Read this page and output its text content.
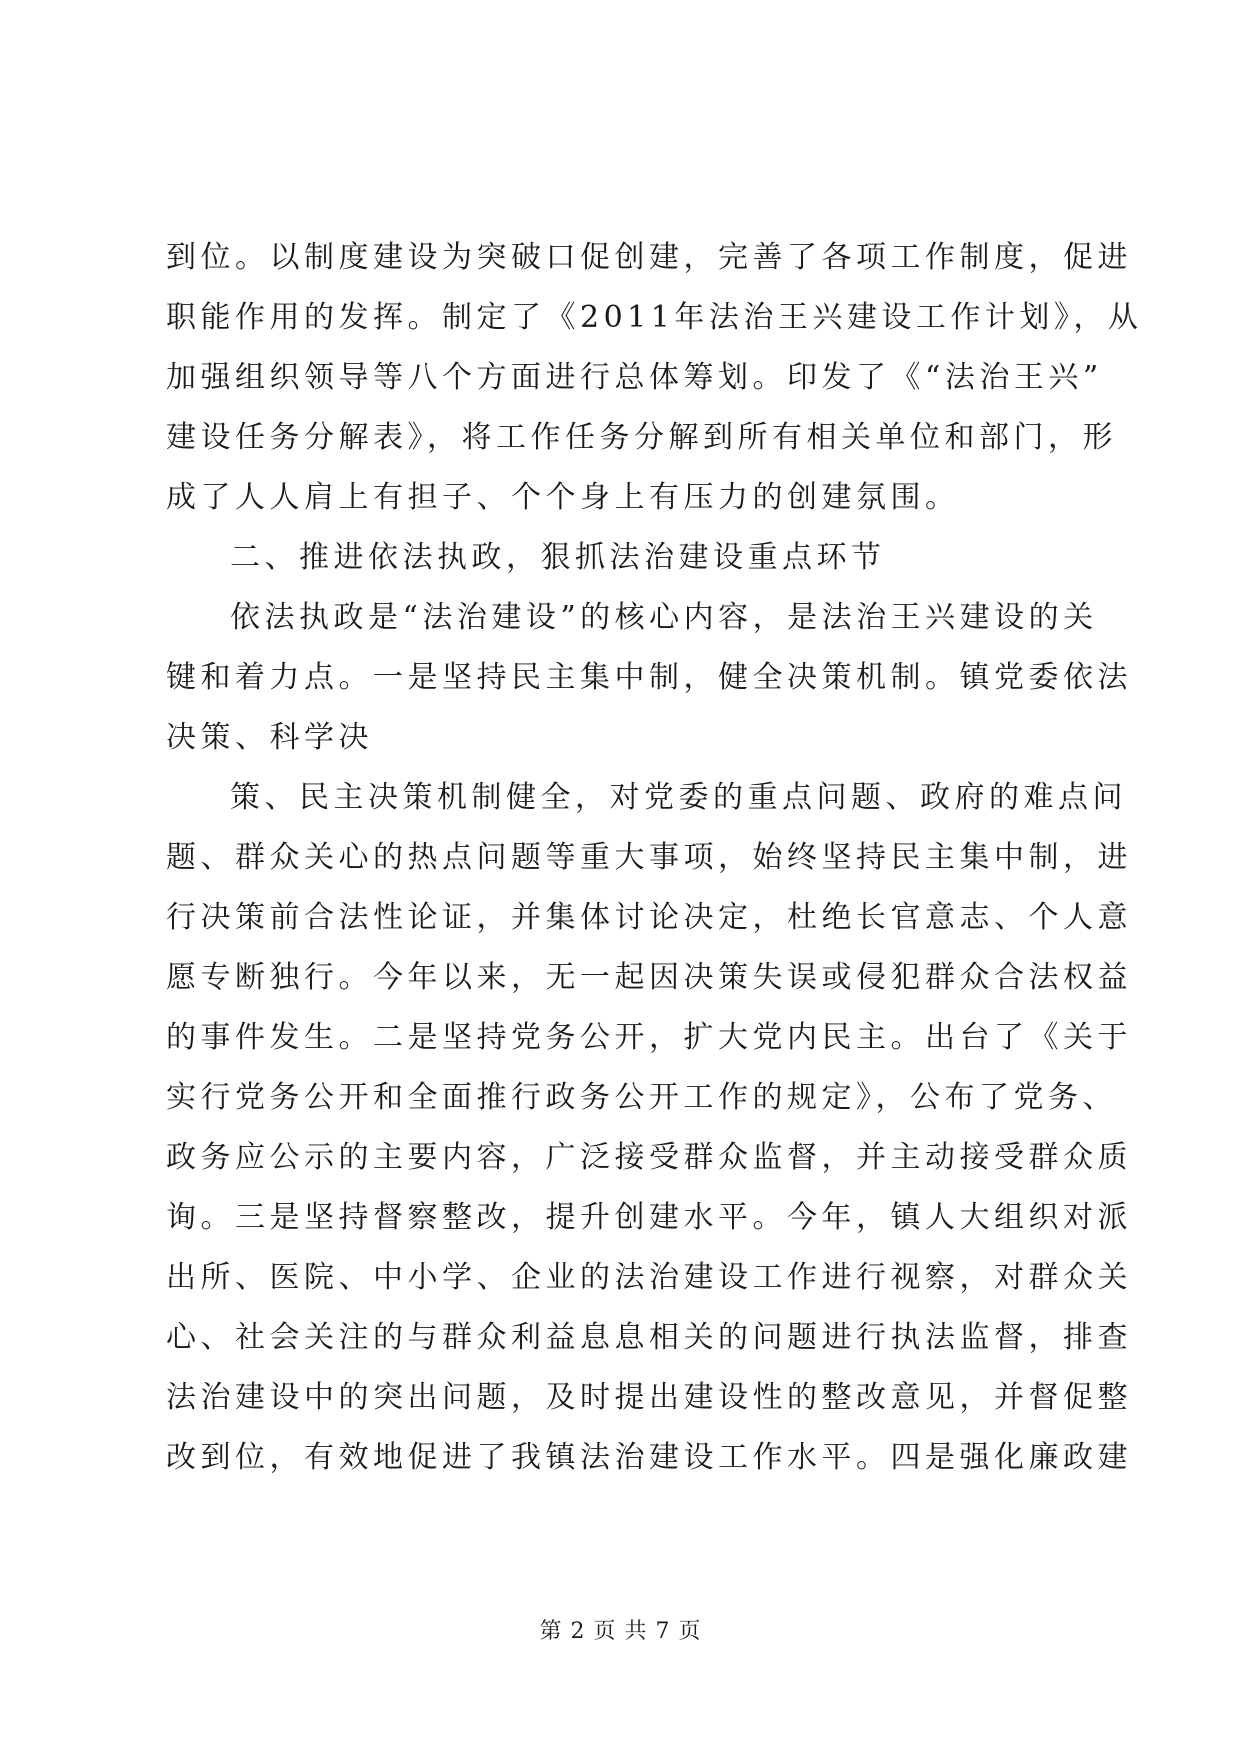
到位。以制度建设为突破口促创建，完善了各项工作制度，促进
职能作用的发挥。制定了《2011年法治王兴建设工作计划》，从
加强组织领导等八个方面进行总体筹划。印发了《“法治王兴”
建设任务分解表》，将工作任务分解到所有相关单位和部门，形
成了人人肩上有担子、个个身上有压力的创建氛围。
二、推进依法执政，狠抓法治建设重点环节
依法执政是“法治建设”的核心内容，是法治王兴建设的关
键和着力点。一是坚持民主集中制，健全决策机制。镇党委依法
决策、科学决
策、民主决策机制健全，对党委的重点问题、政府的难点问
题、群众关心的热点问题等重大事项，始终坚持民主集中制，进
行决策前合法性论证，并集体讨论决定，杜绝长官意志、个人意
愿专断独行。今年以来，无一起因决策失误或侵犯群众合法权益
的事件发生。二是坚持党务公开，扩大党内民主。出台了《关于
实行党务公开和全面推行政务公开工作的规定》，公布了党务、
政务应公示的主要内容，广泛接受群众监督，并主动接受群众质
询。三是坚持督察整改，提升创建水平。今年，镇人大组织对派
出所、医院、中小学、企业的法治建设工作进行视察，对群众关
心、社会关注的与群众利益息息相关的问题进行执法监督，排查
法治建设中的突出问题，及时提出建设性的整改意见，并督促整
改到位，有效地促进了我镇法治建设工作水平。四是强化廉政建
第 2 页 共 7 页
